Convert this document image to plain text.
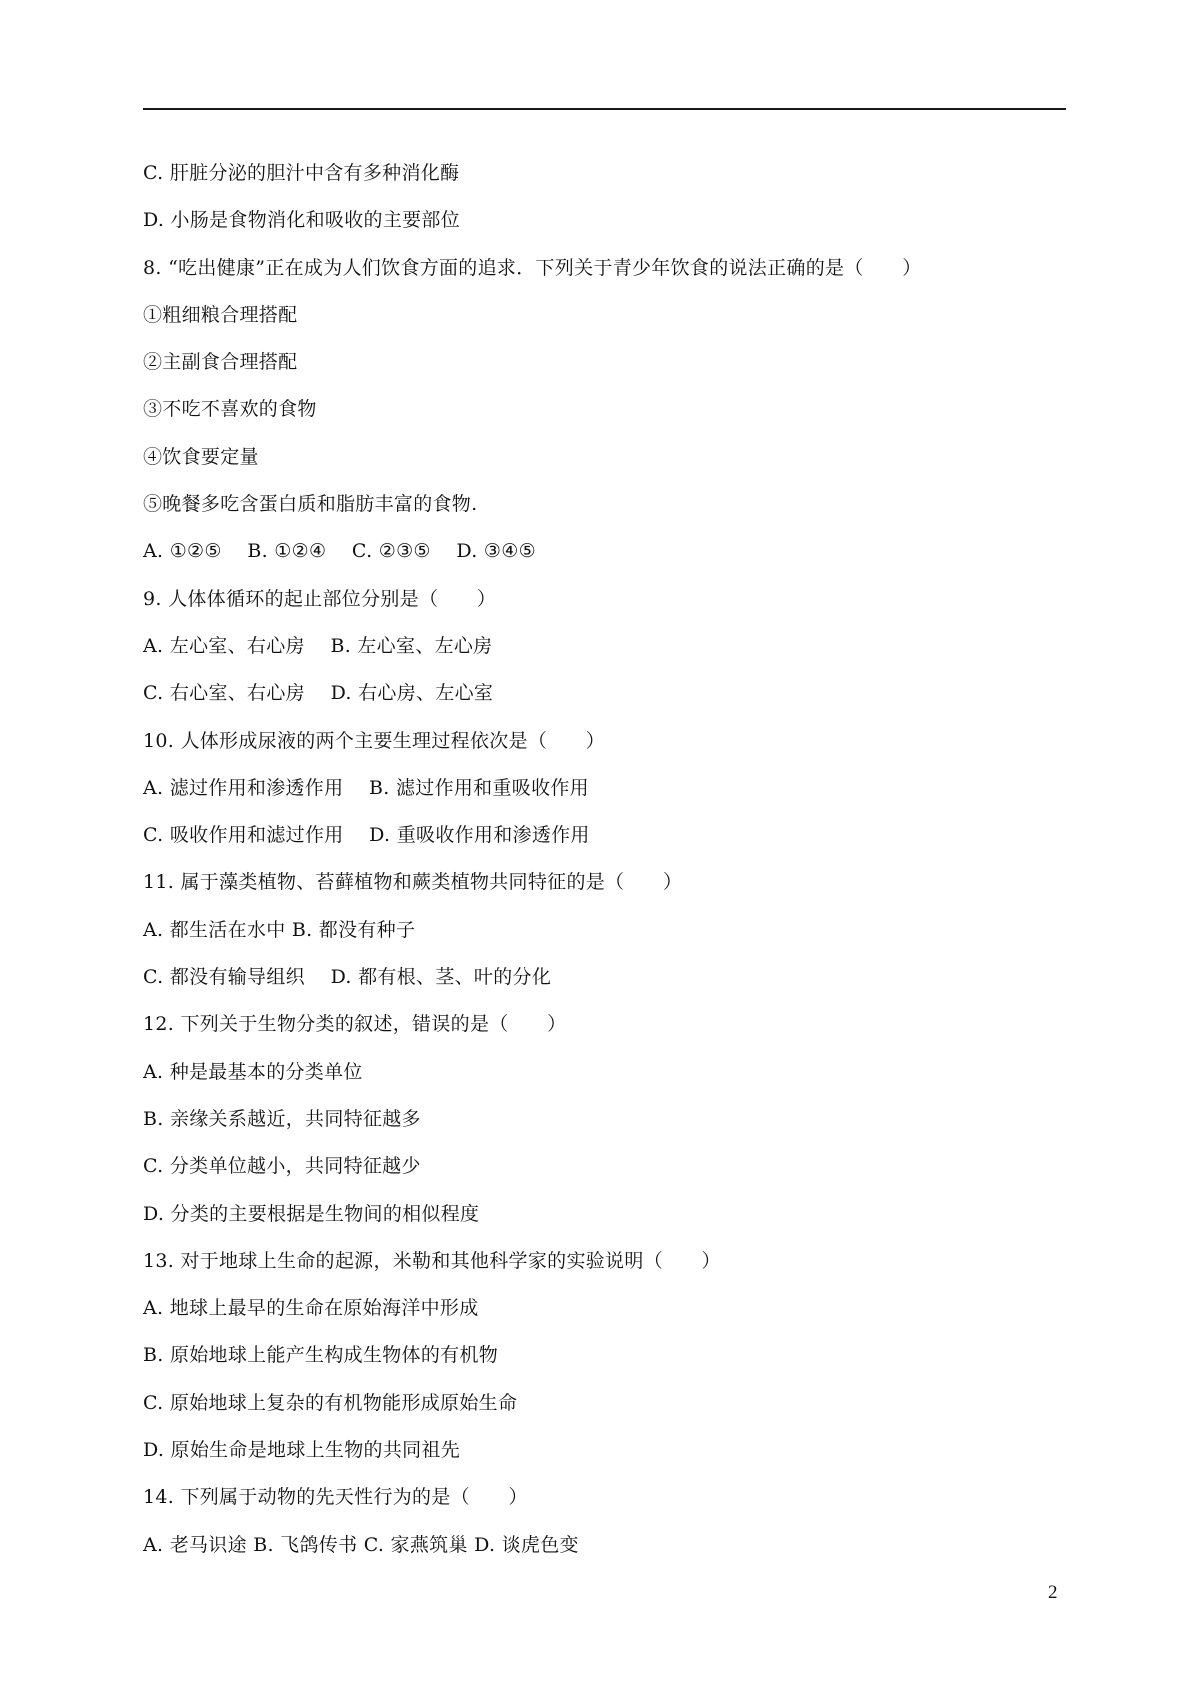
C. 肝脏分泌的胆汁中含有多种消化酶
D. 小肠是食物消化和吸收的主要部位
8. “吃出健康”正在成为人们饮食方面的追求．下列关于青少年饮食的说法正确的是（　　）
①粗细粮合理搭配
②主副食合理搭配
③不吃不喜欢的食物
④饮食要定量
⑤晚餐多吃含蛋白质和脂肪丰富的食物.
A. ①②⑤　 B. ①②④　 C. ②③⑤　 D. ③④⑤
9. 人体体循环的起止部位分别是（　　）
A. 左心室、右心房　 B. 左心室、左心房
C. 右心室、右心房　 D. 右心房、左心室
10. 人体形成尿液的两个主要生理过程依次是（　　）
A. 滤过作用和渗透作用　 B. 滤过作用和重吸收作用
C. 吸收作用和滤过作用　 D. 重吸收作用和渗透作用
11. 属于藻类植物、苔藓植物和蕨类植物共同特征的是（　　）
A. 都生活在水中 B. 都没有种子
C. 都没有输导组织　 D. 都有根、茎、叶的分化
12. 下列关于生物分类的叙述，错误的是（　　）
A. 种是最基本的分类单位
B. 亲缘关系越近，共同特征越多
C. 分类单位越小，共同特征越少
D. 分类的主要根据是生物间的相似程度
13. 对于地球上生命的起源，米勒和其他科学家的实验说明（　　）
A. 地球上最早的生命在原始海洋中形成
B. 原始地球上能产生构成生物体的有机物
C. 原始地球上复杂的有机物能形成原始生命
D. 原始生命是地球上生物的共同祖先
14. 下列属于动物的先天性行为的是（　　）
A. 老马识途 B. 飞鸽传书 C. 家燕筑巢 D. 谈虎色变
2
